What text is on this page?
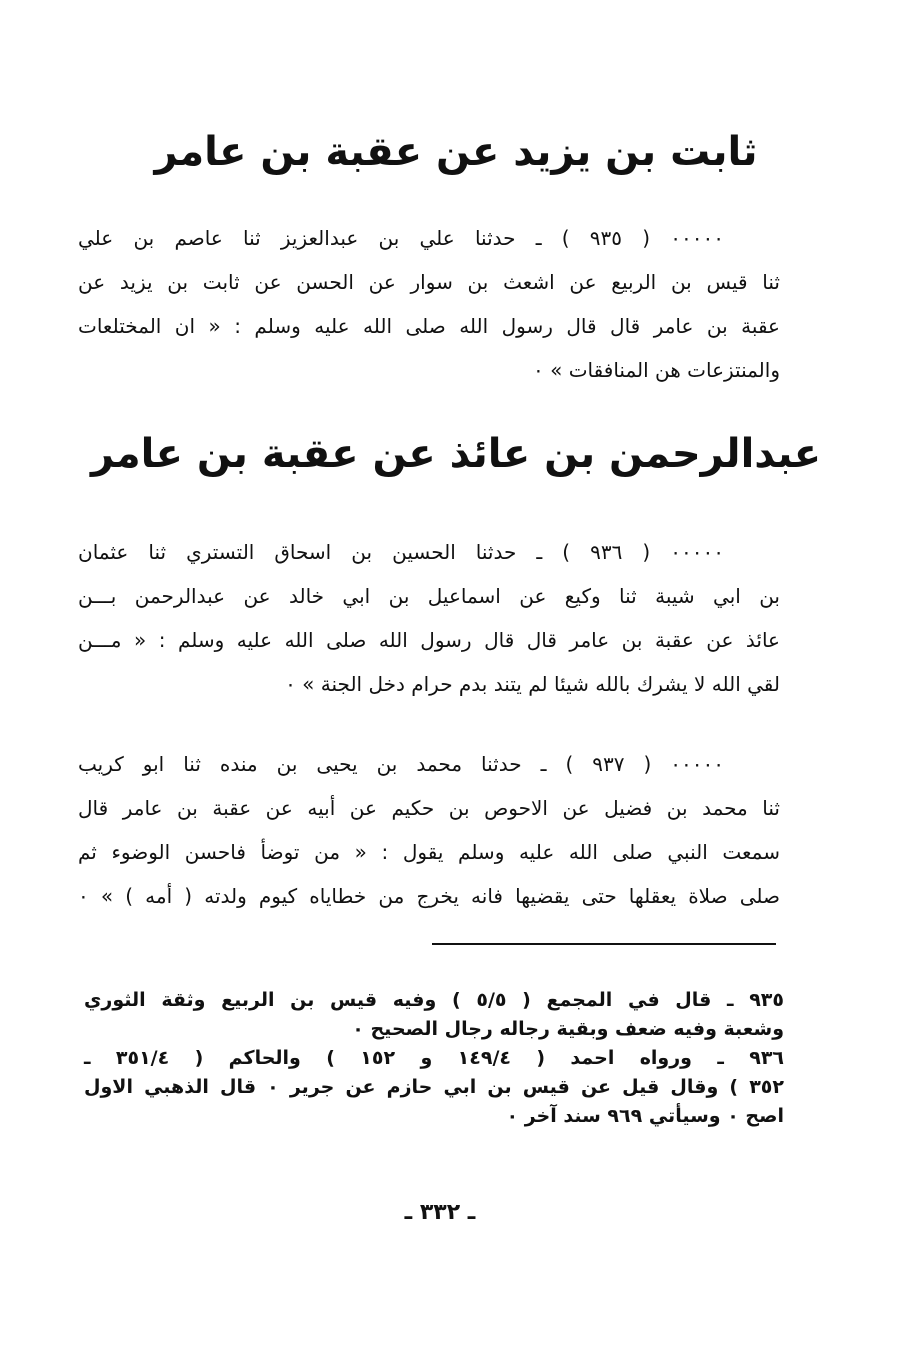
ثابت بن يزيد عن عقبة بن عامر
٠٠٠٠٠ ( ٩٣٥ ) ـ حدثنا علي بن عبدالعزيز ثنا عاصم بن علي
ثنا قيس بن الربيع عن اشعث بن سوار عن الحسن عن ثابت بن يزيد عن
عقبة بن عامر قال قال رسول الله صلى الله عليه وسلم : « ان المختلعات
والمنتزعات هن المنافقات » ٠
عبدالرحمن بن عائذ عن عقبة بن عامر
٠٠٠٠٠ ( ٩٣٦ ) ـ حدثنا الحسين بن اسحاق التستري ثنا عثمان
بن ابي شيبة ثنا وكيع عن اسماعيل بن ابي خالد عن عبدالرحمن بـــن
عائذ عن عقبة بن عامر قال قال رسول الله صلى الله عليه وسلم : « مـــن
لقي الله لا يشرك بالله شيئا لم يتند بدم حرام دخل الجنة » ٠
٠٠٠٠٠ ( ٩٣٧ ) ـ حدثنا محمد بن يحيى بن منده ثنا ابو كريب
ثنا محمد بن فضيل عن الاحوص بن حكيم عن أبيه عن عقبة بن عامر قال
سمعت النبي صلى الله عليه وسلم يقول : « من توضأ فاحسن الوضوء ثم
صلى صلاة يعقلها حتى يقضيها فانه يخرج من خطاياه كيوم ولدته ( أمه ) » ٠
٩٣٥ ـ قال في المجمع ( ٥/٥ ) وفيه قيس بن الربيع وثقة الثوري
وشعبة وفيه ضعف وبقية رجاله رجال الصحيح ٠
٩٣٦ ـ ورواه احمد ( ١٤٩/٤ و ١٥٢ ) والحاكم ( ٣٥١/٤ ـ
٣٥٢ ) وقال قيل عن قيس بن ابي حازم عن جرير ٠ قال الذهبي الاول
اصح ٠ وسيأتي ٩٦٩ سند آخر ٠
ـ ٣٣٢ ـ
